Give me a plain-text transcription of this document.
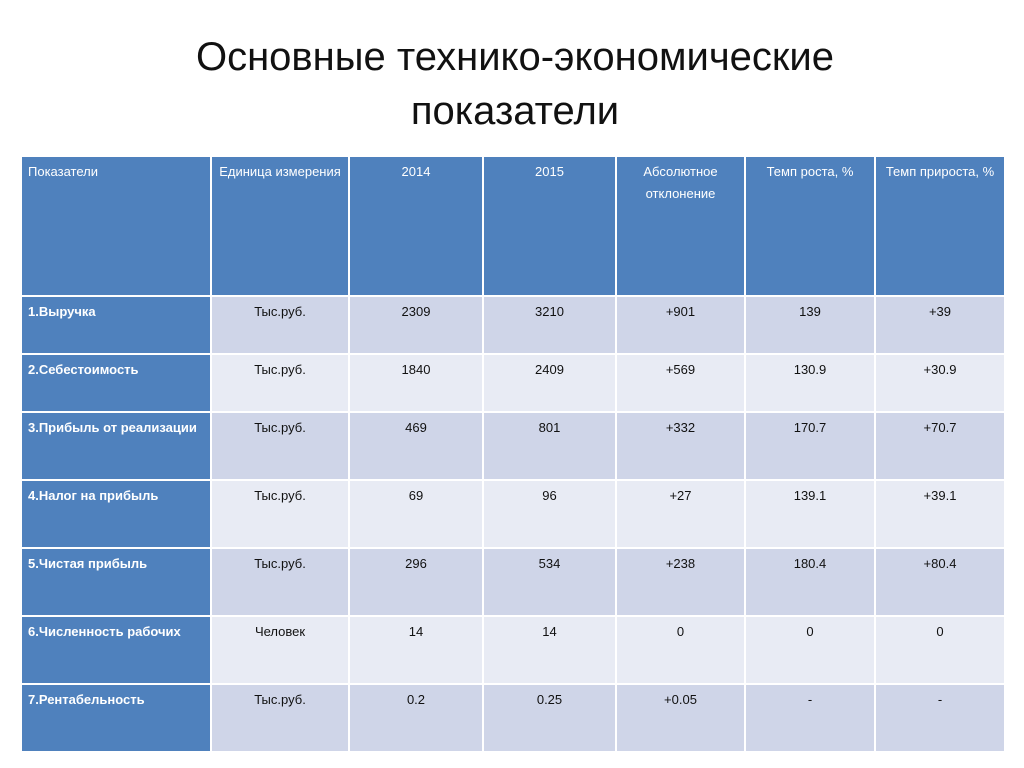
Основные технико-экономические
показатели
Показатели	Единица измерения	2014	2015	Абсолютное отклонение	Темп роста, %	Темп прироста, %
1.Выручка	Тыс.руб.	2309	3210	+901	139	+39
2.Себестоимость	Тыс.руб.	1840	2409	+569	130.9	+30.9
3.Прибыль от реализации	Тыс.руб.	469	801	+332	170.7	+70.7
4.Налог на прибыль	Тыс.руб.	69	96	+27	139.1	+39.1
5.Чистая прибыль	Тыс.руб.	296	534	+238	180.4	+80.4
6.Численность рабочих	Человек	14	14	0	0	0
7.Рентабельность	Тыс.руб.	0.2	0.25	+0.05	-	-
